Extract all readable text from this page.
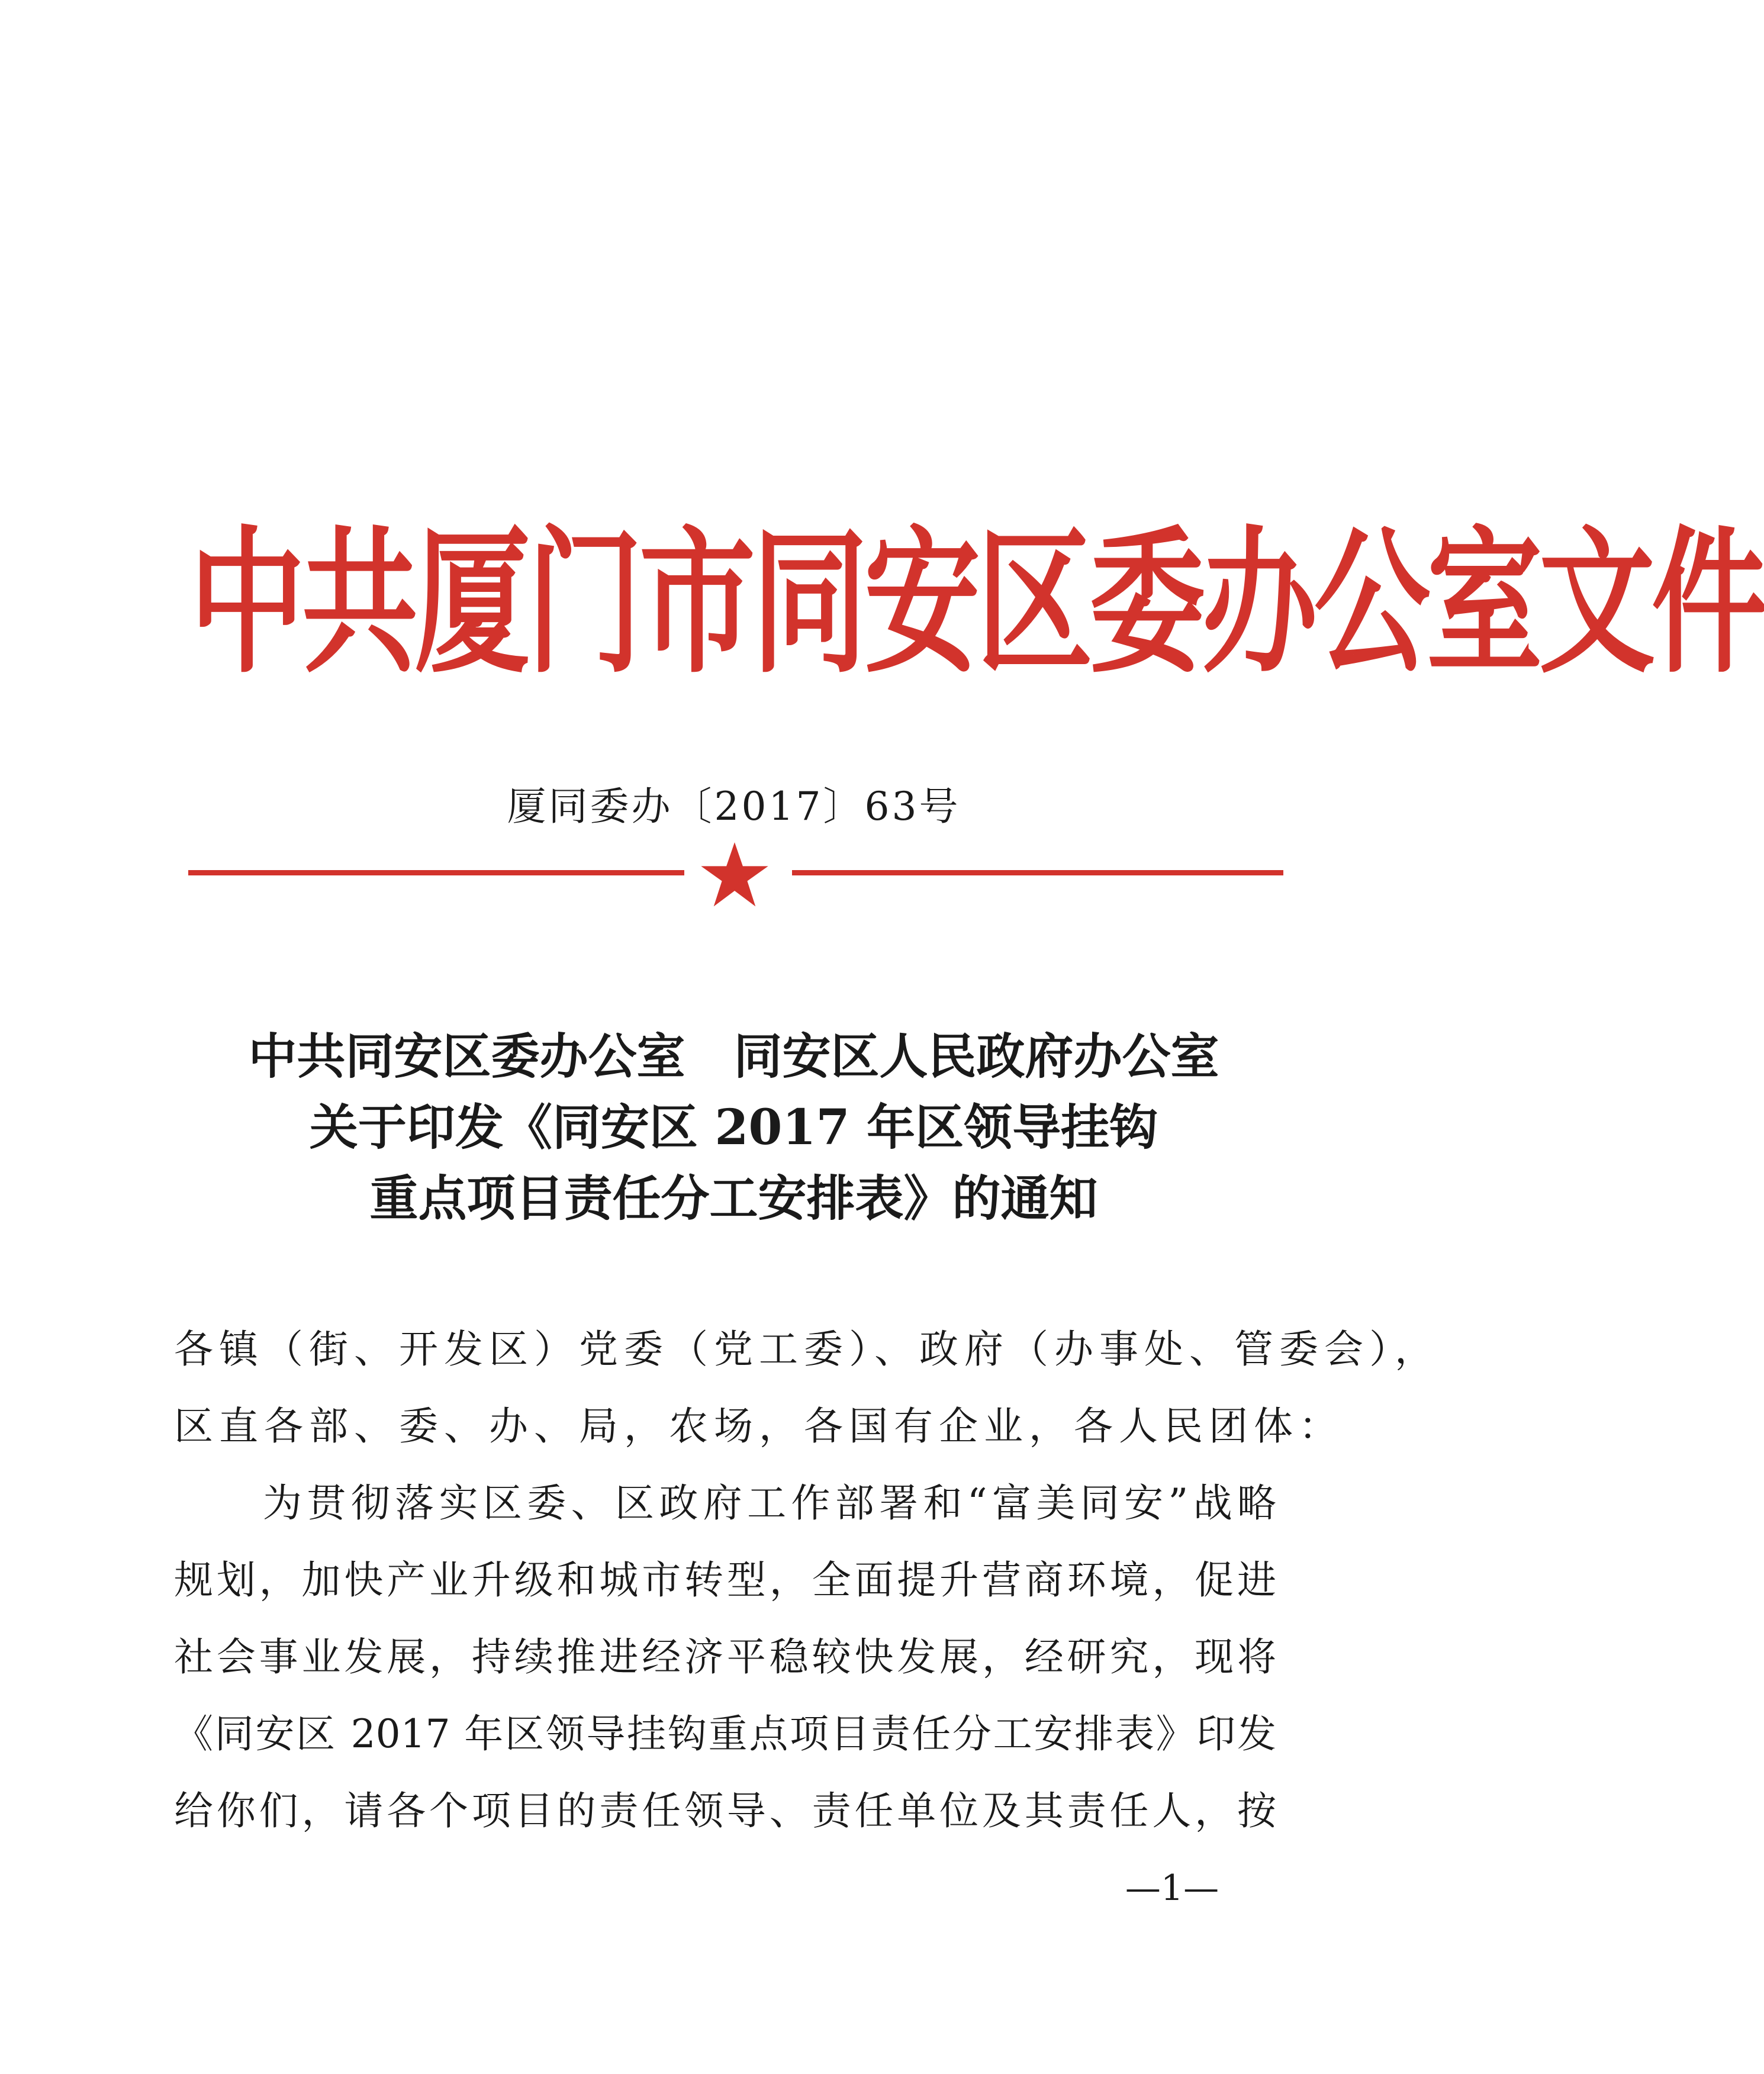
中共厦门市同安区委办公室文件
厦同委办〔2017〕63号
中共同安区委办公室　同安区人民政府办公室
关于印发《同安区 2017 年区领导挂钩
重点项目责任分工安排表》的通知
各镇（街、开发区）党委（党工委）、政府（办事处、管委会），
区直各部、委、办、局，农场，各国有企业，各人民团体：
为贯彻落实区委、区政府工作部署和“富美同安”战略
规划，加快产业升级和城市转型，全面提升营商环境，促进
社会事业发展，持续推进经济平稳较快发展，经研究，现将
《同安区 2017 年区领导挂钩重点项目责任分工安排表》印发
给你们，请各个项目的责任领导、责任单位及其责任人，按
—1—
